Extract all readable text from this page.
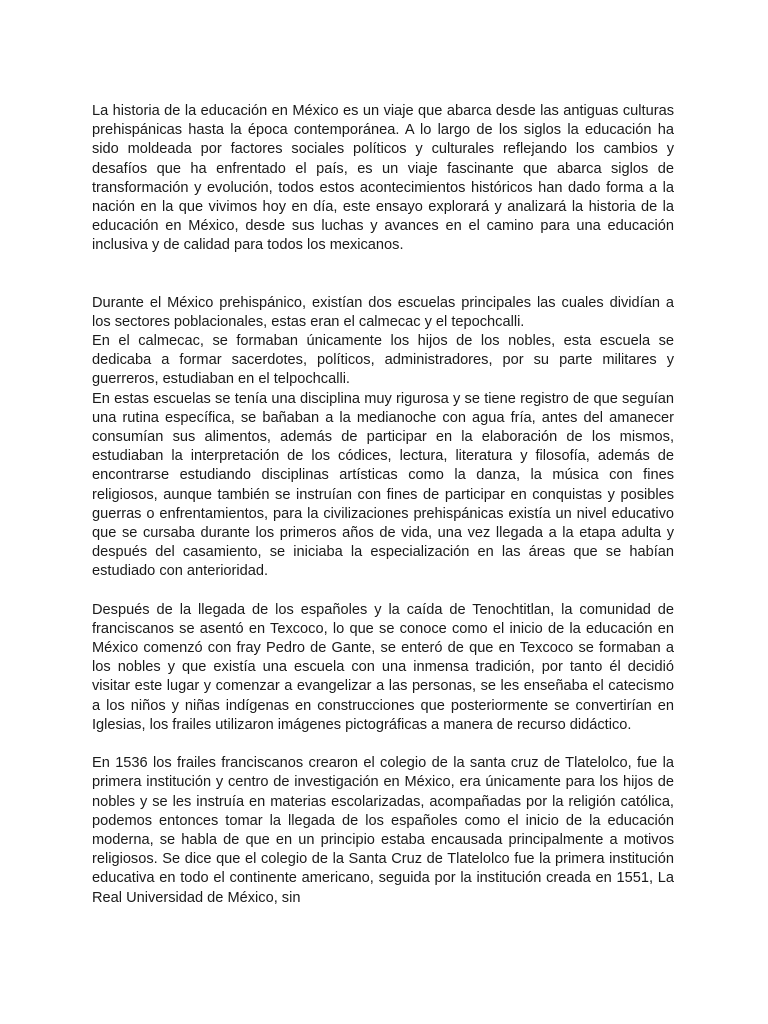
La historia de la educación en México es un viaje que abarca desde las antiguas culturas prehispánicas hasta la época contemporánea. A lo largo de los siglos la educación ha sido moldeada por factores sociales políticos y culturales reflejando los cambios y desafíos que ha enfrentado el país, es un viaje fascinante que abarca siglos de transformación y evolución, todos estos acontecimientos históricos han dado forma a la nación en la que vivimos hoy en día, este ensayo explorará y analizará la historia de la educación en México, desde sus luchas y avances en el camino para una educación inclusiva y de calidad para todos los mexicanos.

Durante el México prehispánico, existían dos escuelas principales las cuales dividían a los sectores poblacionales, estas eran el calmecac y el tepochcalli.

En el calmecac, se formaban únicamente los hijos de los nobles, esta escuela se dedicaba a formar sacerdotes, políticos, administradores, por su parte militares y guerreros, estudiaban en el telpochcalli.

En estas escuelas se tenía una disciplina muy rigurosa y se tiene registro de que seguían una rutina específica, se bañaban a la medianoche con agua fría, antes del amanecer consumían sus alimentos, además de participar en la elaboración de los mismos, estudiaban la interpretación de los códices, lectura, literatura y filosofía, además de encontrarse estudiando disciplinas artísticas como la danza, la música con fines religiosos, aunque también se instruían con fines de participar en conquistas y posibles guerras o enfrentamientos, para la civilizaciones prehispánicas existía un nivel educativo que se cursaba durante los primeros años de vida, una vez llegada a la etapa adulta y después del casamiento, se iniciaba la especialización en las áreas que se habían estudiado con anterioridad.

Después de la llegada de los españoles y la caída de Tenochtitlan, la comunidad de franciscanos se asentó en Texcoco, lo que se conoce como el inicio de la educación en México comenzó con fray Pedro de Gante, se enteró de que en Texcoco se formaban a los nobles y que existía una escuela con una inmensa tradición, por tanto él decidió visitar este lugar y comenzar a evangelizar a las personas, se les enseñaba el catecismo a los niños y niñas indígenas en construcciones que posteriormente se convertirían en Iglesias, los frailes utilizaron imágenes pictográficas a manera de recurso didáctico.

En 1536 los frailes franciscanos crearon el colegio de la santa cruz de Tlatelolco, fue la primera institución y centro de investigación en México, era únicamente para los hijos de nobles y se les instruía en materias escolarizadas, acompañadas por la religión católica, podemos entonces tomar la llegada de los españoles como el inicio de la educación moderna, se habla de que en un principio estaba encausada principalmente a motivos religiosos. Se dice que el colegio de la Santa Cruz de Tlatelolco fue la primera institución educativa en todo el continente americano, seguida por la institución creada en 1551, La Real Universidad de México, sin
